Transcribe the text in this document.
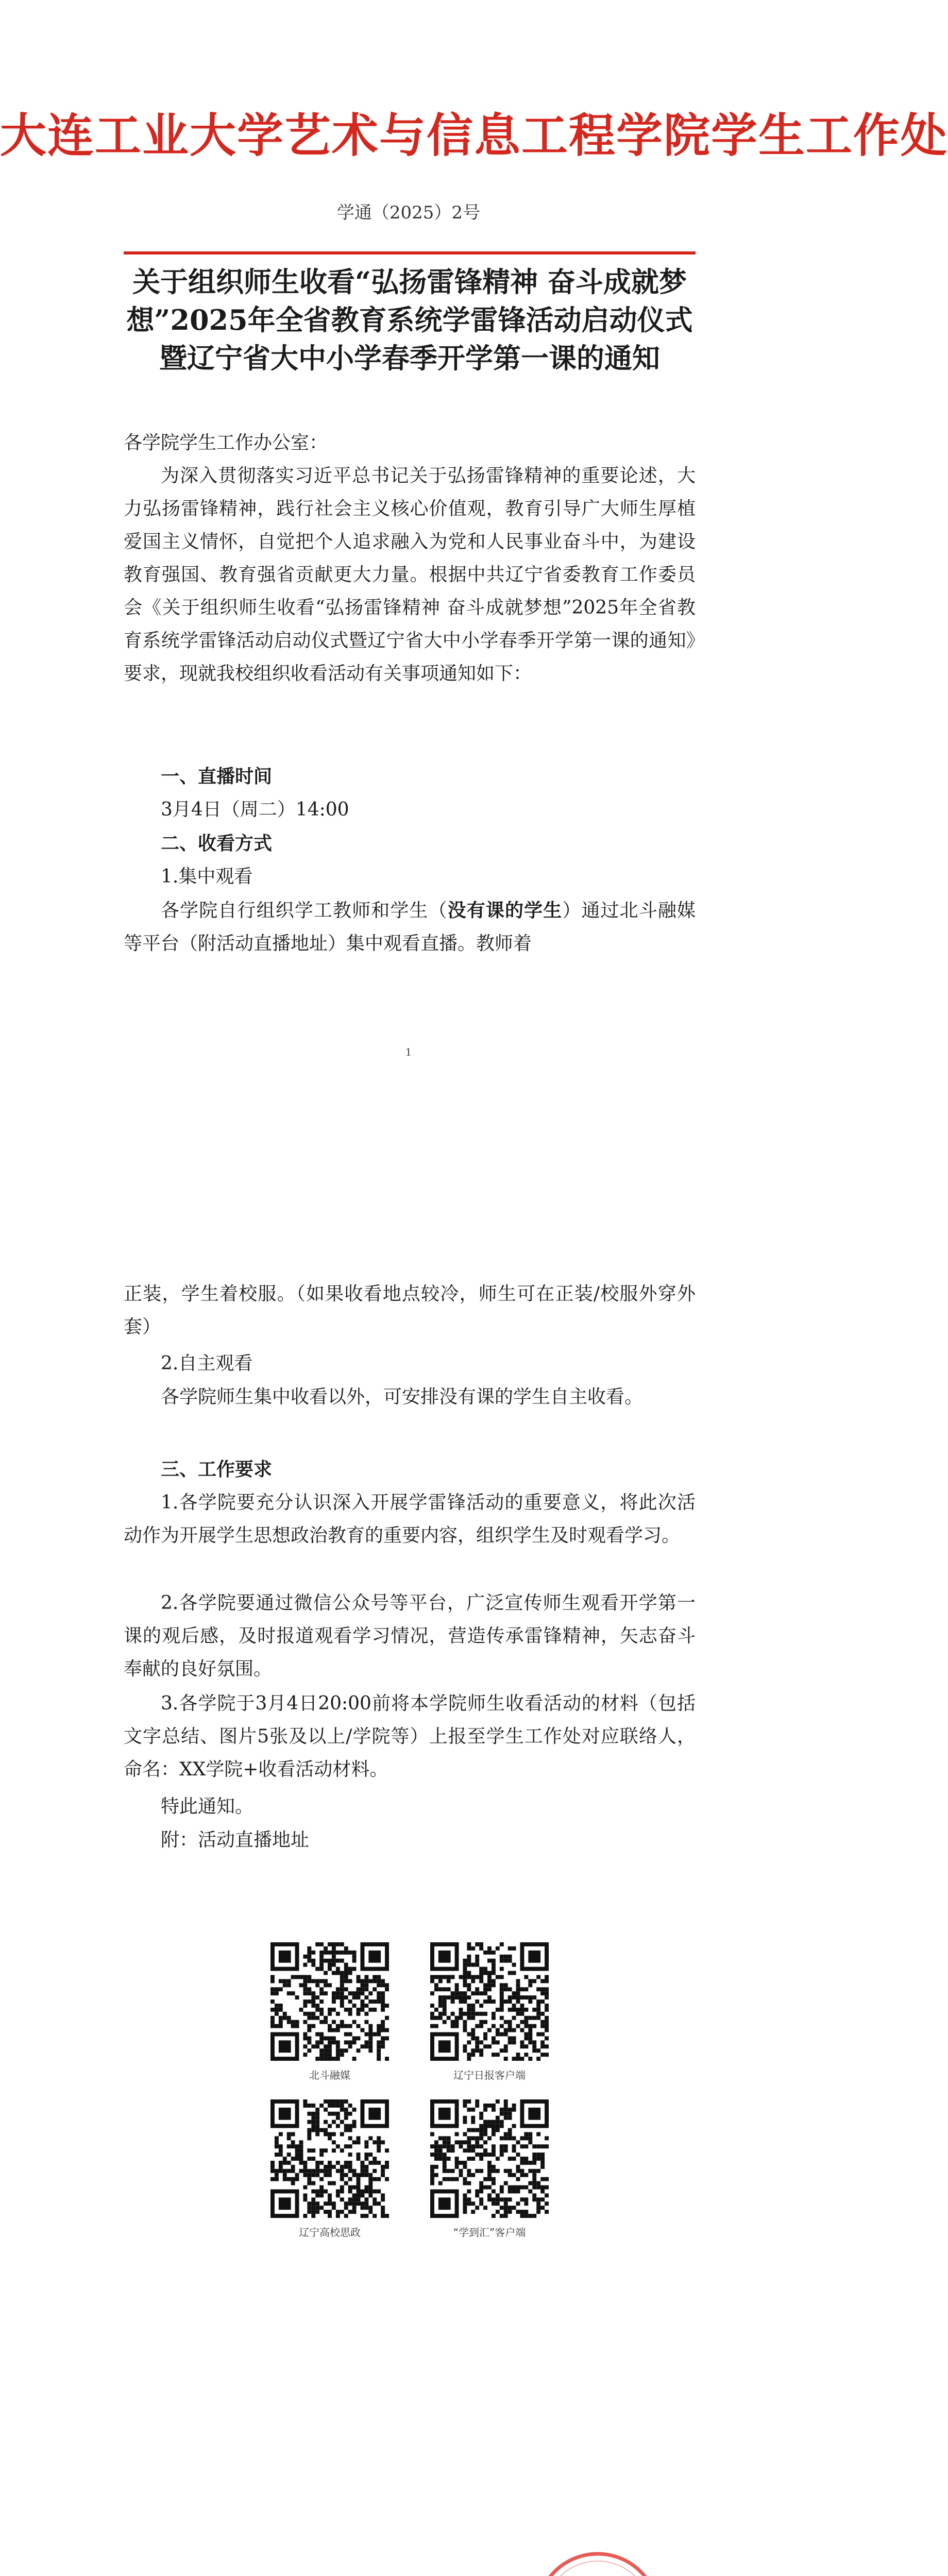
大连工业大学艺术与信息工程学院学生工作处
学通（2025）2号
关于组织师生收看“弘扬雷锋精神 奋斗成就梦想”2025年全省教育系统学雷锋活动启动仪式暨辽宁省大中小学春季开学第一课的通知
各学院学生工作办公室：
为深入贯彻落实习近平总书记关于弘扬雷锋精神的重要论述，大力弘扬雷锋精神，践行社会主义核心价值观，教育引导广大师生厚植爱国主义情怀，自觉把个人追求融入为党和人民事业奋斗中，为建设教育强国、教育强省贡献更大力量。根据中共辽宁省委教育工作委员会《关于组织师生收看“弘扬雷锋精神 奋斗成就梦想”2025年全省教育系统学雷锋活动启动仪式暨辽宁省大中小学春季开学第一课的通知》要求，现就我校组织收看活动有关事项通知如下：
一、直播时间
3月4日（周二）14:00
二、收看方式
1.集中观看
各学院自行组织学工教师和学生（没有课的学生）通过北斗融媒等平台（附活动直播地址）集中观看直播。教师着
1
正装，学生着校服。（如果收看地点较冷，师生可在正装/校服外穿外套）
2.自主观看
各学院师生集中收看以外，可安排没有课的学生自主收看。
三、工作要求
1.各学院要充分认识深入开展学雷锋活动的重要意义，将此次活动作为开展学生思想政治教育的重要内容，组织学生及时观看学习。
2.各学院要通过微信公众号等平台，广泛宣传师生观看开学第一课的观后感，及时报道观看学习情况，营造传承雷锋精神，矢志奋斗奉献的良好氛围。
3.各学院于3月4日20:00前将本学院师生收看活动的材料（包括文字总结、图片5张及以上/学院等）上报至学生工作处对应联络人，命名：XX学院+收看活动材料。
特此通知。
附：活动直播地址
北斗融媒	辽宁日报客户端
辽宁高校思政	“学到汇”客户端
